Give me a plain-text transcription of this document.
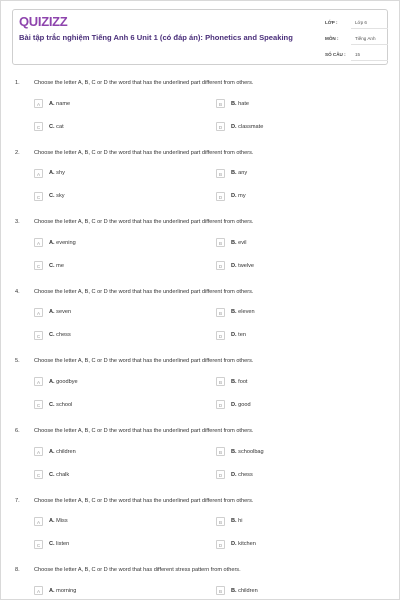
QUIZIZZ
Bài tập trắc nghiệm Tiếng Anh 6 Unit 1 (có đáp án): Phonetics and Speaking
LỚP :	Lớp 6
MÔN :	Tiếng Anh
SỐ CÂU : 15
1.	Choose the letter A, B, C or D the word that has the underlined part different from others.
A	A. name	B	B. hate
C	C. cat	D	D. classmate
2.	Choose the letter A, B, C or D the word that has the underlined part different from others.
A	A. shy	B	B. any
C	C. sky	D	D. my
3.	Choose the letter A, B, C or D the word that has the underlined part different from others.
A	A. evening	B	B. evil
C	C. me	D	D. twelve
4.	Choose the letter A, B, C or D the word that has the underlined part different from others.
A	A. seven	B	B. eleven
C	C. chess	D	D. ten
5.	Choose the letter A, B, C or D the word that has the underlined part different from others.
A	A. goodbye	B	B. foot
C	C. school	D	D. good
6.	Choose the letter A, B, C or D the word that has the underlined part different from others.
A	A. children	B	B. schoolbag
C	C. chalk	D	D. chess
7.	Choose the letter A, B, C or D the word that has the underlined part different from others.
A	A. Miss	B	B. hi
C	C. listen	D	D. kitchen
8.	Choose the letter A, B, C or D the word that has different stress pattern from others.
A	A. morning	B	B. children
